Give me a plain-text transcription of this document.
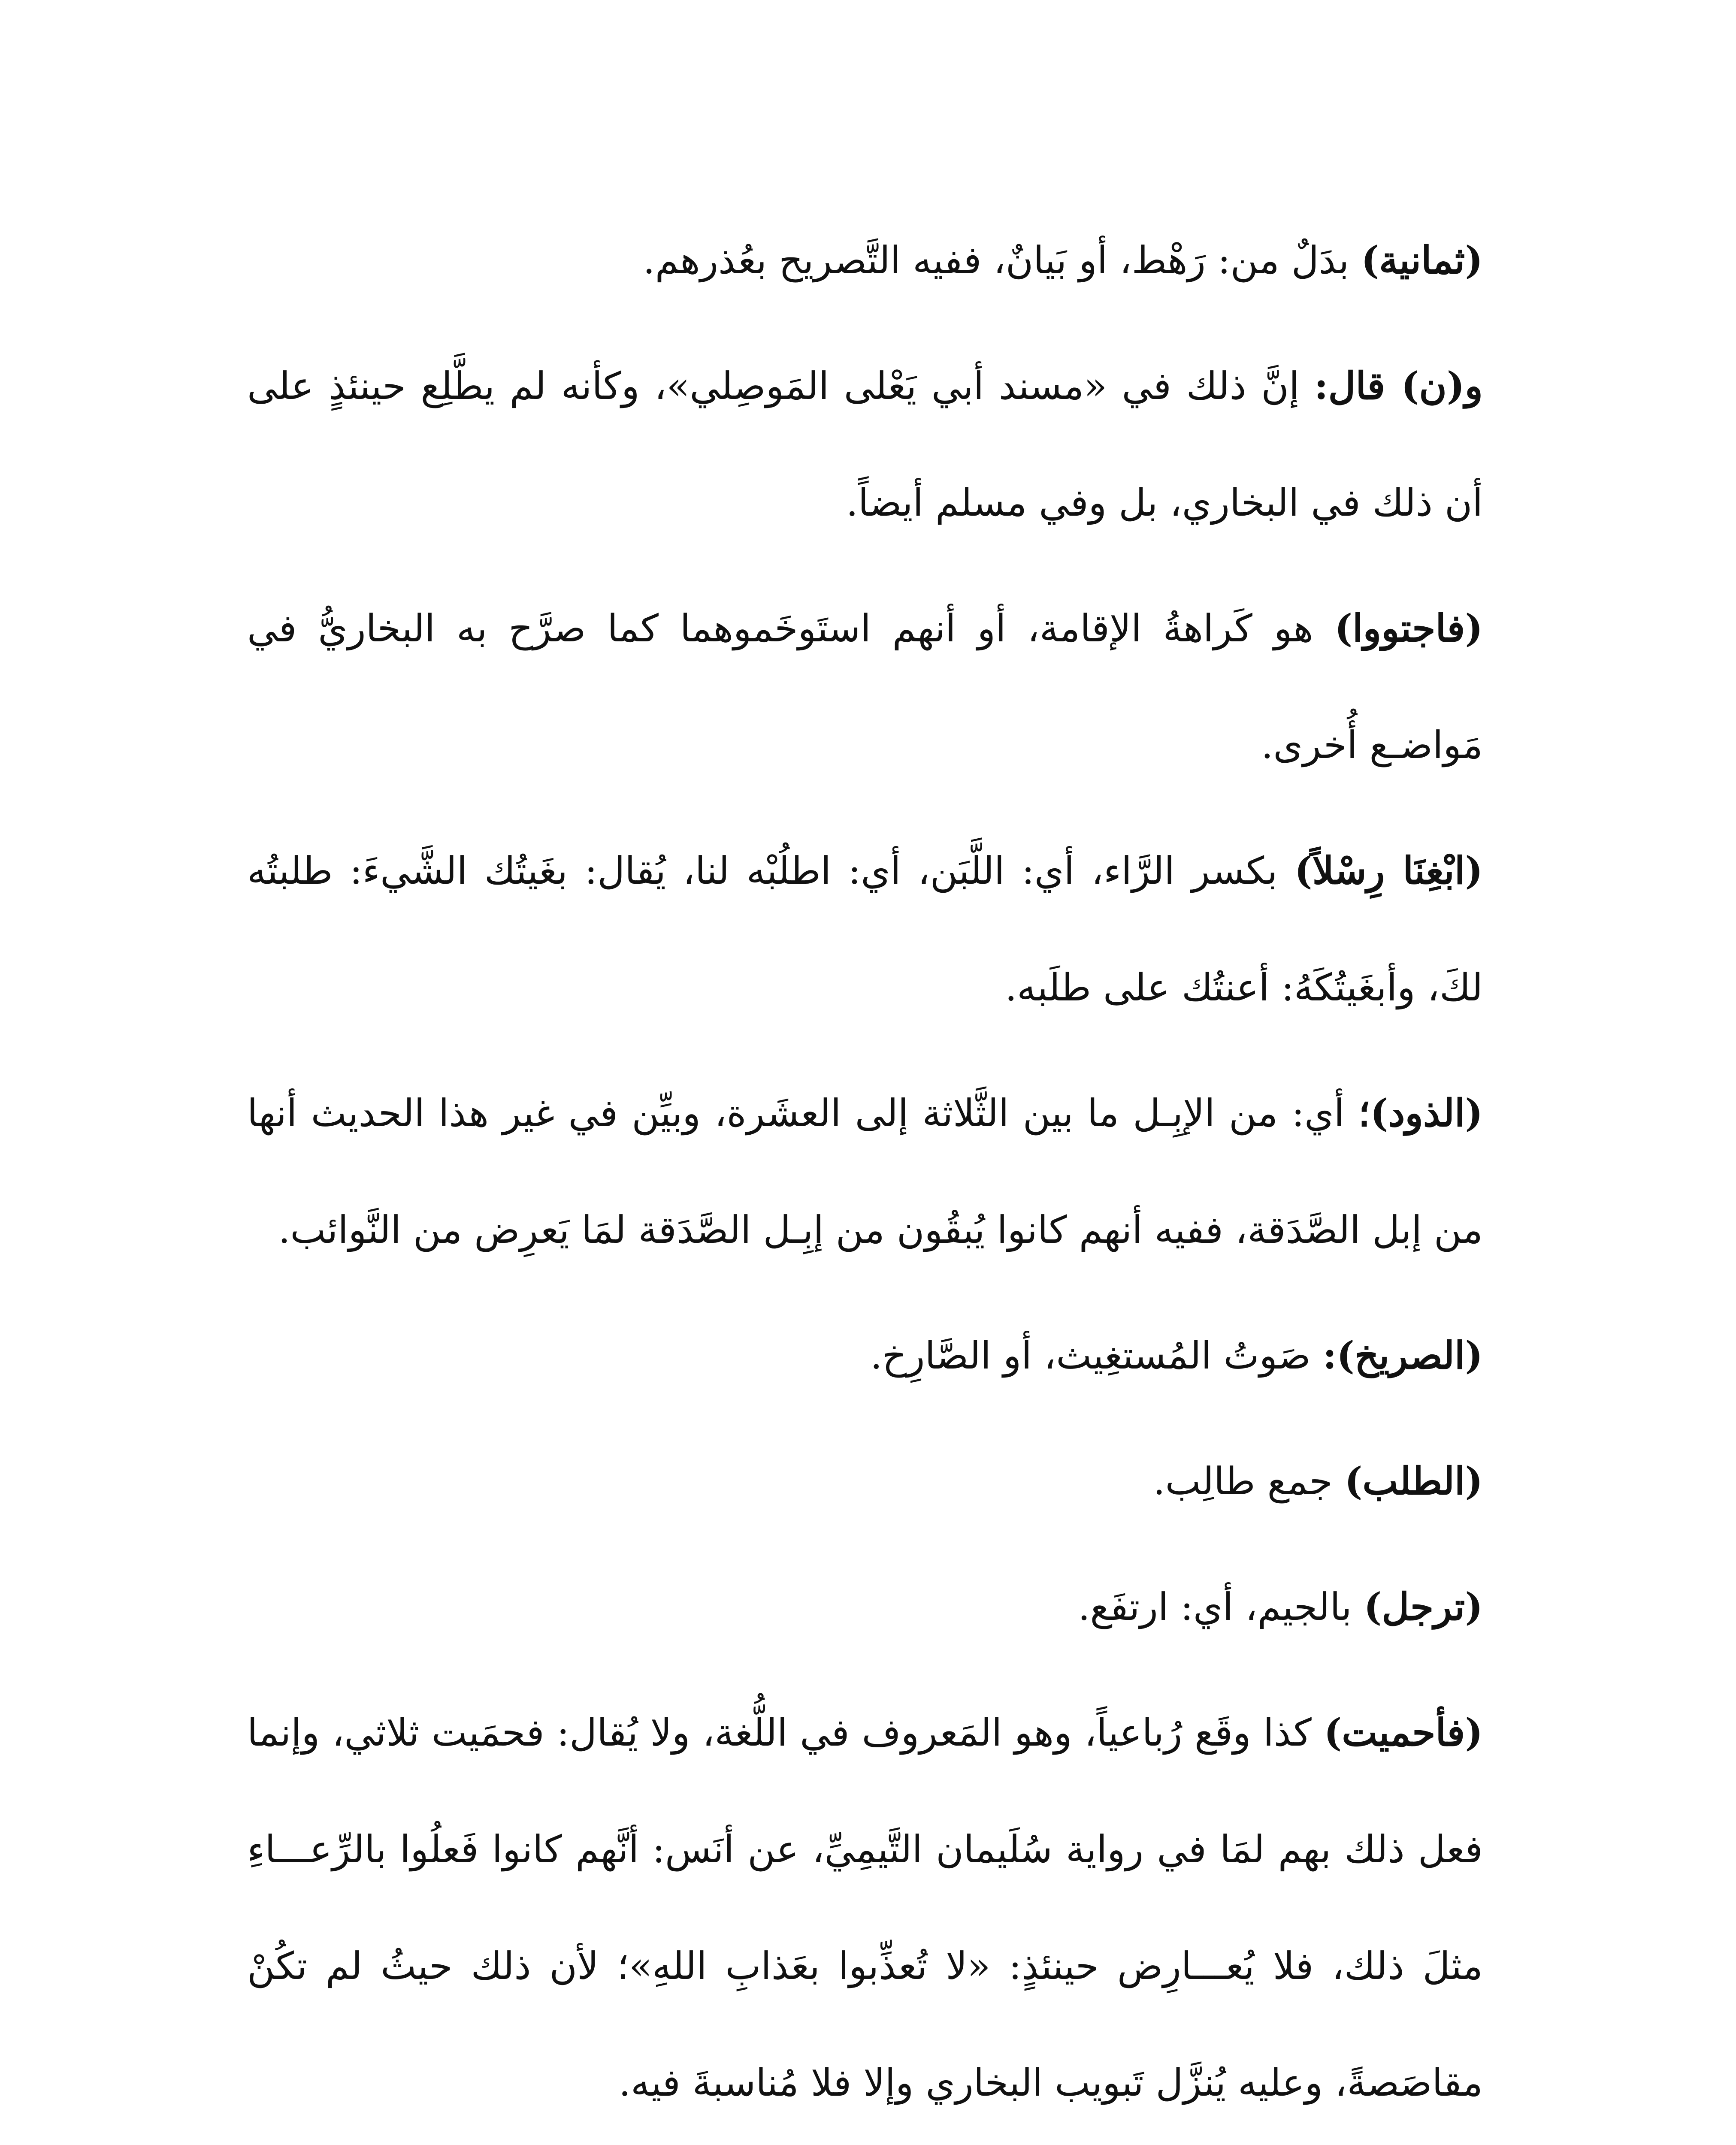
(ثمانية) بدَلٌ من: رَهْط، أو بَيانٌ، ففيه التَّصريح بعُذرهم.

و(ن) قال: إنَّ ذلك في «مسند أبي يَعْلى المَوصِلي»، وكأنه لم يطَّلِع حينئذٍ على أن ذلك في البخاري، بل وفي مسلم أيضاً.

(فاجتووا) هو كَراهةُ الإقامة، أو أنهم استَوخَموهما كما صرَّح به البخاريُّ في مَواضـع أُخرى.

(ابْغِنَا رِسْلاً) بكسر الرَّاء، أي: اللَّبَن، أي: اطلُبْه لنا، يُقال: بغَيتُك الشَّيءَ: طلبتُه لكَ، وأبغَيتُكَهُ: أعنتُك على طلَبه.

(الذود)؛ أي: من الإبِـل ما بين الثَّلاثة إلى العشَرة، وبيِّن في غير هذا الحديث أنها من إبل الصَّدَقة، ففيه أنهم كانوا يُبقُون من إبِـل الصَّدَقة لمَا يَعرِض من النَّوائب.

(الصريخ): صَوتُ المُستغِيث، أو الصَّارِخ.

(الطلب) جمع طالِب.

(ترجل) بالجيم، أي: ارتفَع.

(فأحميت) كذا وقَع رُباعياً، وهو المَعروف في اللُّغة، ولا يُقال: فحمَيت ثلاثي، وإنما فعل ذلك بهم لمَا في رواية سُلَيمان التَّيمِيِّ، عن أنَس: أنَّهم كانوا فَعلُوا بالرِّعـــاءِ مثلَ ذلك، فلا يُعـــارِض حينئذٍ: «لا تُعذِّبوا بعَذابِ اللهِ»؛ لأن ذلك حيثُ لم تكُنْ مقاصَصةً، وعليه يُنزَّل تَبويب البخاري وإلا فلا مُناسبةَ فيه.
